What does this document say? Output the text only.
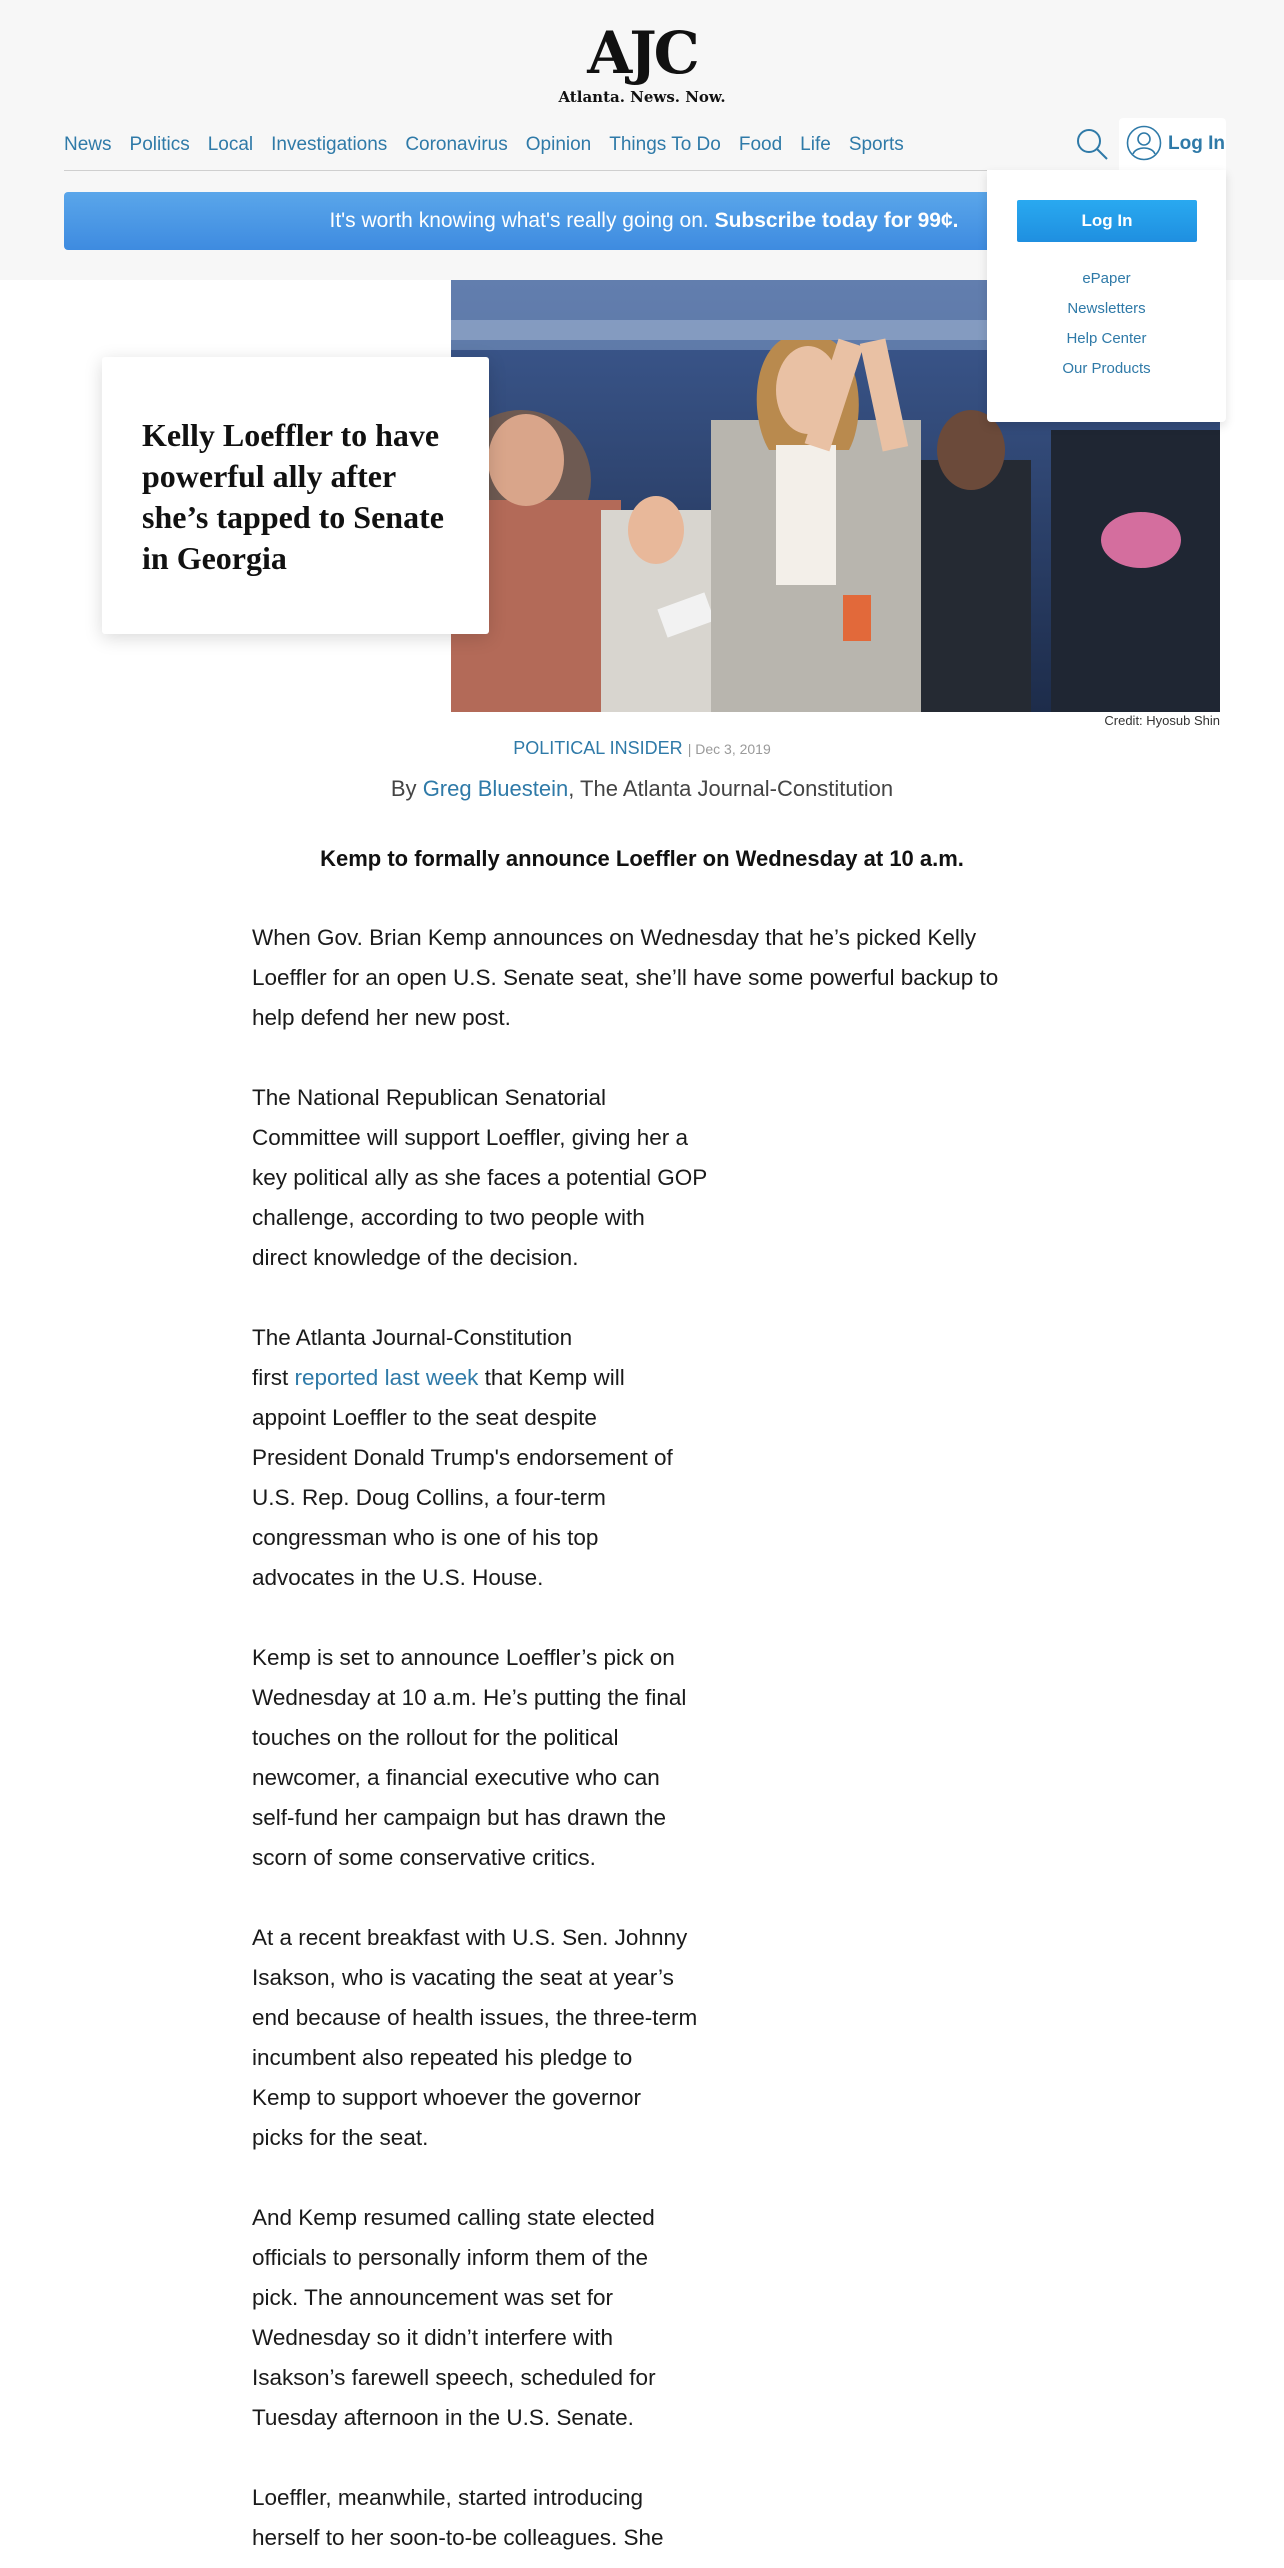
AJC
Atlanta. News. Now.
News Politics Local Investigations Coronavirus Opinion Things To Do Food Life Sports	Log In
It's worth knowing what's really going on. Subscribe today for 99¢.
Credit: Hyosub Shin
Kelly Loeffler to have powerful ally after she’s tapped to Senate in Georgia
Log In
ePaper
Newsletters
Help Center
Our Products
POLITICAL INSIDER | Dec 3, 2019
By Greg Bluestein, The Atlanta Journal-Constitution
Kemp to formally announce Loeffler on Wednesday at 10 a.m.
When Gov. Brian Kemp announces on Wednesday that he’s picked Kelly
Loeffler for an open U.S. Senate seat, she’ll have some powerful backup to
help defend her new post.
The National Republican Senatorial
Committee will support Loeffler, giving her a
key political ally as she faces a potential GOP
challenge, according to two people with
direct knowledge of the decision.
The Atlanta Journal-Constitution
first reported last week that Kemp will
appoint Loeffler to the seat despite
President Donald Trump's endorsement of
U.S. Rep. Doug Collins, a four-term
congressman who is one of his top
advocates in the U.S. House.
Kemp is set to announce Loeffler’s pick on
Wednesday at 10 a.m. He’s putting the final
touches on the rollout for the political
newcomer, a financial executive who can
self-fund her campaign but has drawn the
scorn of some conservative critics.
At a recent breakfast with U.S. Sen. Johnny
Isakson, who is vacating the seat at year’s
end because of health issues, the three-term
incumbent also repeated his pledge to
Kemp to support whoever the governor
picks for the seat.
And Kemp resumed calling state elected
officials to personally inform them of the
pick. The announcement was set for
Wednesday so it didn’t interfere with
Isakson’s farewell speech, scheduled for
Tuesday afternoon in the U.S. Senate.
Loeffler, meanwhile, started introducing
herself to her soon-to-be colleagues. She
